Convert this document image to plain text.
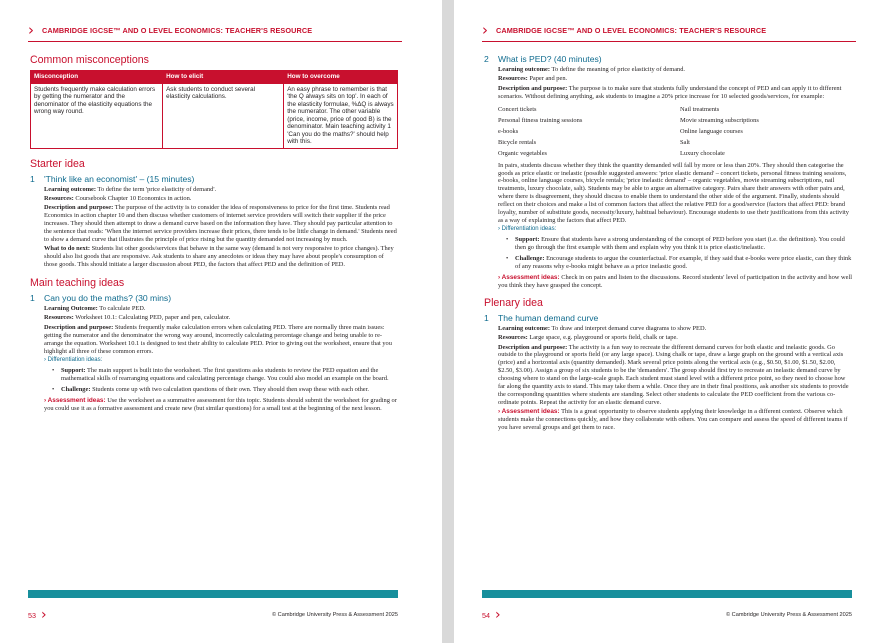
› CAMBRIDGE IGCSE™ AND O LEVEL ECONOMICS: TEACHER'S RESOURCE
Common misconceptions
Misconception	How to elicit	How to overcome
Students frequently make calculation errors by getting the numerator and the denominator of the elasticity equations the wrong way round.	Ask students to conduct several elasticity calculations.	An easy phrase to remember is that 'the Q always sits on top'. In each of the elasticity formulae, %ΔQ is always the numerator. The other variable (price, income, price of good B) is the denominator. Main teaching activity 1 'Can you do the maths?' should help with this.
Starter idea
1	'Think like an economist' – (15 minutes)

Learning outcome: To define the term 'price elasticity of demand'.

Resources: Coursebook Chapter 10 Economics in action.

Description and purpose: The purpose of the activity is to consider the idea of responsiveness to price for the first time. Students read Economics in action chapter 10 and then discuss whether customers of internet service providers will switch their supplier if the price increases. They should then attempt to draw a demand curve based on the information they have. They should pay particular attention to the sentence that reads: 'When the internet service providers increase their prices, there tends to be little change in demand.' Students need to show a demand curve that illustrates the principle of price rising but the quantity demanded not increasing by much.

What to do next: Students list other goods/services that behave in the same way (demand is not very responsive to price changes). They should also list goods that are responsive. Ask students to share any anecdotes or ideas they may have about people's consumption of those goods. This should initiate a larger discussion about PED, the factors that affect PED and the definition of PED.

Main teaching ideas
1	Can you do the maths? (30 mins)

Learning Outcome: To calculate PED.

Resources: Worksheet 10.1: Calculating PED, paper and pen, calculator.

Description and purpose: Students frequently make calculation errors when calculating PED. There are normally three main issues: getting the numerator and the denominator the wrong way around, incorrectly calculating percentage change and being unable to re-arrange the equation. Worksheet 10.1 is designed to test their ability to calculate PED. Prior to giving out the worksheet, ensure that you highlight all three of these common errors.

› Differentiation ideas:
• Support: The main support is built into the worksheet. The first questions asks students to review the PED equation and the mathematical skills of rearranging equations and calculating percentage change. You could also model an example on the board.
• Challenge: Students come up with two calculation questions of their own. They should then swap these with each other.

› Assessment ideas: Use the worksheet as a summative assessment for this topic. Students should submit the worksheet for grading or you could use it as a formative assessment and create new (but similar questions) for a small test at the beginning of the next lesson.

53 ›	© Cambridge University Press & Assessment 2025
› CAMBRIDGE IGCSE™ AND O LEVEL ECONOMICS: TEACHER'S RESOURCE
2	What is PED? (40 minutes)

Learning outcome: To define the meaning of price elasticity of demand.

Resources: Paper and pen.

Description and purpose: The purpose is to make sure that students fully understand the concept of PED and can apply it to different scenarios. Without defining anything, ask students to imagine a 20% price increase for 10 selected goods/services, for example:

Concert tickets	Nail treatments
Personal fitness training sessions	Movie streaming subscriptions
e-books	Online language courses
Bicycle rentals	Salt
Organic vegetables	Luxury chocolate

In pairs, students discuss whether they think the quantity demanded will fall by more or less than 20%. They should then categorise the goods as price elastic or inelastic (possible suggested answers: 'price elastic demand' – concert tickets, personal fitness training sessions, e-books, online language courses, bicycle rentals; 'price inelastic demand' – organic vegetables, movie streaming subscriptions, nail treatments, luxury chocolate, salt). Students may be able to argue an alternative category. Pairs share their answers with other pairs and, where there is disagreement, they should discuss to enable them to understand the other side of the argument. Finally, students should reflect on their choices and make a list of common factors that affect the relative PED for a good/service (factors that affect PED: brand loyalty, number of substitute goods, necessity/luxury, habitual behaviour). Encourage students to use their justifications from this activity as a way of explaining the factors that affect PED.

› Differentiation ideas:
• Support: Ensure that students have a strong understanding of the concept of PED before you start (i.e. the definition). You could then go through the first example with them and explain why you think it is price elastic/inelastic.
• Challenge: Encourage students to argue the counterfactual. For example, if they said that e-books were price elastic, can they think of any reasons why e-books might behave as a price inelastic good.

› Assessment ideas: Check in on pairs and listen to the discussions. Record students' level of participation in the activity and how well you think they have grasped the concept.

Plenary idea
1	The human demand curve

Learning outcome: To draw and interpret demand curve diagrams to show PED.

Resources: Large space, e.g. playground or sports field, chalk or tape.

Description and purpose: The activity is a fun way to recreate the different demand curves for both elastic and inelastic goods. Go outside to the playground or sports field (or any large space). Using chalk or tape, draw a large graph on the ground with a vertical axis (price) and a horizontal axis (quantity demanded). Mark several price points along the vertical axis (e.g., $0.50, $1.00, $1.50, $2.00, $2.50, $3.00). Assign a group of six students to be the 'demanders'. The group should first try to recreate an inelastic demand curve by choosing where to stand on the large-scale graph. Each student must stand level with a different price point, so they need to choose how far along the quantity axis to stand. This may take them a while. Once they are in their final positions, ask another six students to provide the corresponding quantities where students are standing. Select other students to calculate the PED coefficient from the various co-ordinate points. Repeat the activity for an elastic demand curve.

› Assessment ideas: This is a great opportunity to observe students applying their knowledge in a different context. Observe which students make the connections quickly, and how they collaborate with others. You can compare and assess the speed of different teams if you have several groups and get them to race.

54 ›	© Cambridge University Press & Assessment 2025
